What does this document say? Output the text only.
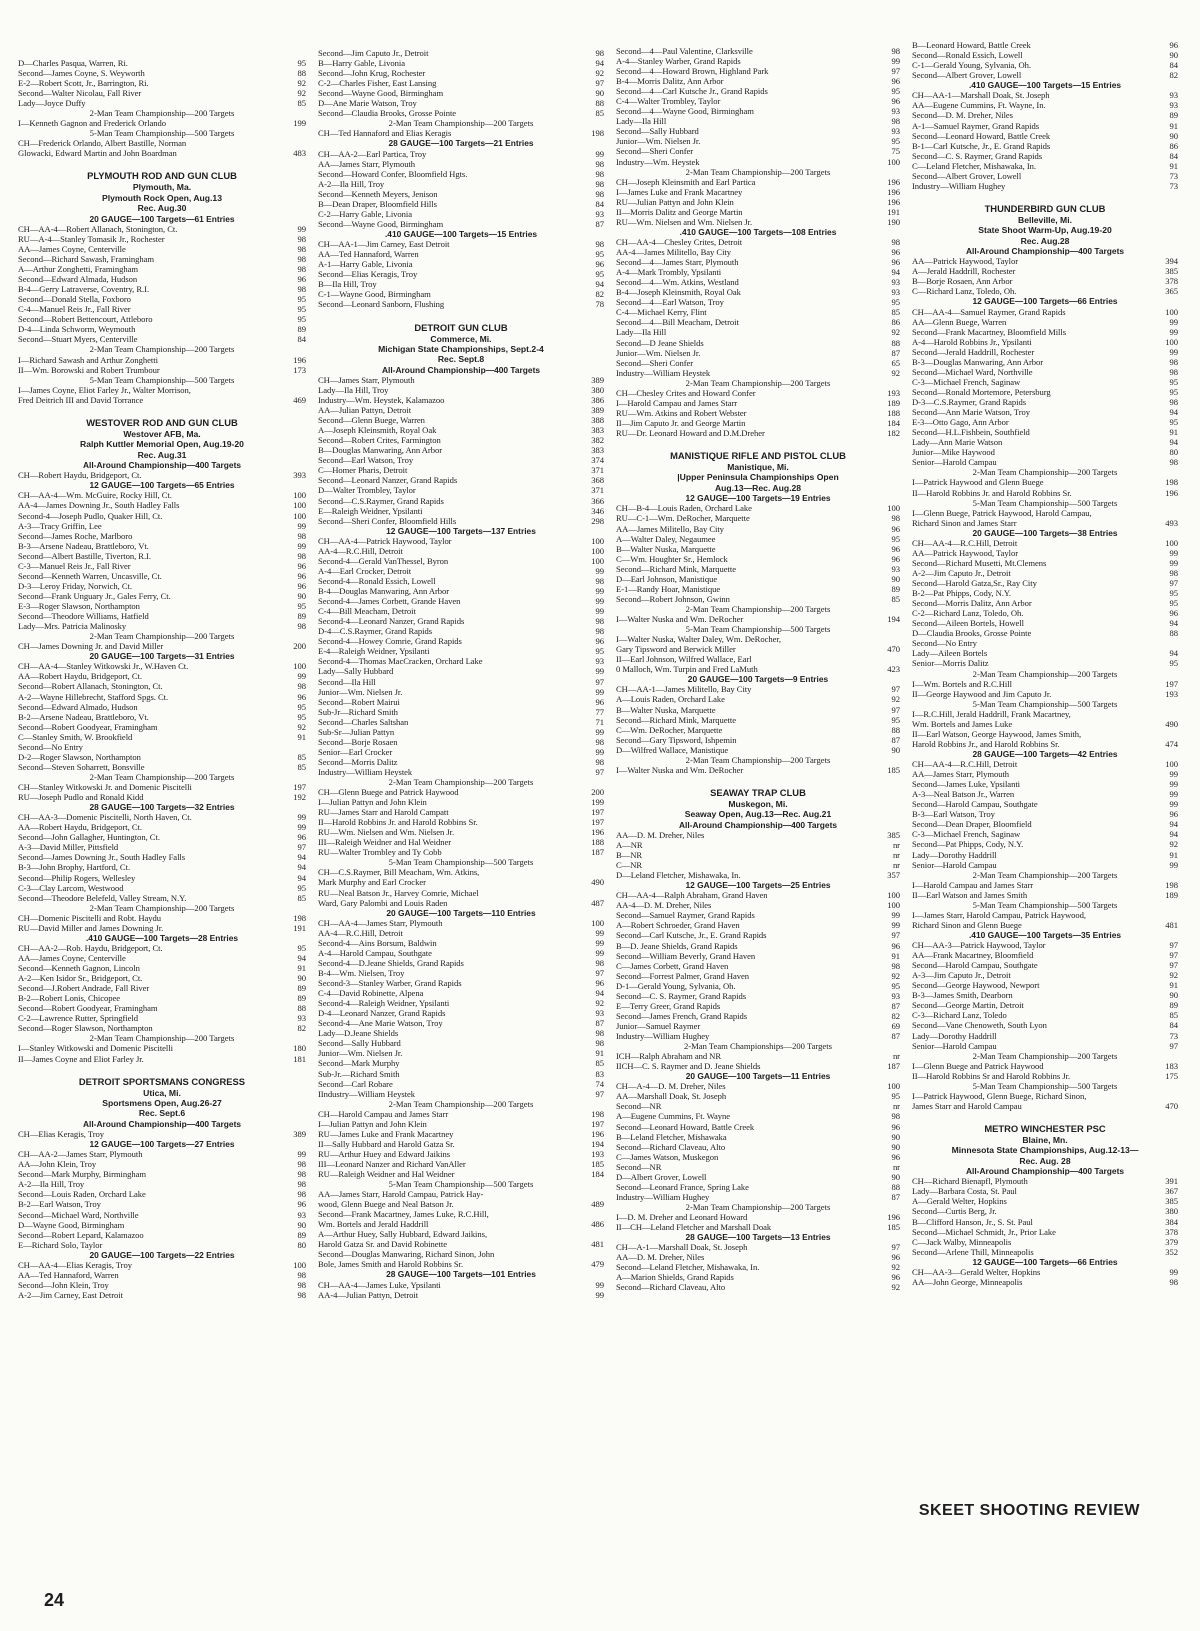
D—Charles Pasqua, Warren, Ri.	95
Second—James Coyne, S. Weyworth	88
E-2—Robert Scott, Jr., Barrington, Ri.	92
Second—Walter Nicolau, Fall River	92
Lady—Joyce Duffy	85
2-Man Team Championship—200 Targets
I—Kenneth Gagnon and Frederick Orlando	199
5-Man Team Championship—500 Targets
CH—Frederick Orlando, Albert Bastille, Norman
Glowacki, Edward Martin and John Boardman	483
PLYMOUTH ROD AND GUN CLUB
Plymouth, Ma.
Plymouth Rock Open, Aug.13
Rec. Aug.30
20 GAUGE—100 Targets—61 Entries
CH—AA-4—Robert Allanach, Stonington, Ct.	99
RU—A-4—Stanley Tomasik Jr., Rochester	98
AA—James Coyne, Centerville	98
Second—Richard Sawash, Framingham	98
A—Arthur Zonghetti, Framingham	98
Second—Edward Almada, Hudson	96
B-4—Gerry Latraverse, Coventry, R.I.	98
Second—Donald Stella, Foxboro	95
C-4—Manuel Reis Jr., Fall River	95
Second—Robert Bettencourt, Attleboro	95
D-4—Linda Schworm, Weymouth	89
Second—Stuart Myers, Centerville	84
2-Man Team Championship—200 Targets
I—Richard Sawash and Arthur Zonghetti	196
II—Wm. Borowski and Robert Trumbour	173
5-Man Team Championship—500 Targets
I—James Coyne, Eliot Farley Jr., Walter Morrison,
Fred Deitrich III and David Torrance	469
WESTOVER ROD AND GUN CLUB
Westover AFB, Ma.
Ralph Kuttler Memorial Open, Aug.19-20
Rec. Aug.31
All-Around Championship—400 Targets
CH—Robert Haydu, Bridgeport, Ct.	393
12 GAUGE—100 Targets—65 Entries
CH—AA-4—Wm. McGuire, Rocky Hill, Ct.	100
AA-4—James Downing Jr., South Hadley Falls	100
Second-4—Joseph Pudlo, Quaker Hill, Ct.	100
A-3—Tracy Griffin, Lee	99
Second—James Roche, Marlboro	98
B-3—Arsene Nadeau, Brattleboro, Vt.	99
Second—Albert Bastille, Tiverton, R.I.	98
C-3—Manuel Reis Jr., Fall River	96
Second—Kenneth Warren, Uncasville, Ct.	96
D-3—Leroy Friday, Norwich, Ct.	96
Second—Frank Unguary Jr., Gales Ferry, Ct.	90
E-3—Roger Slawson, Northampton	95
Second—Theodore Williams, Hatfield	89
Lady—Mrs. Patricia Malinosky	98
2-Man Team Championship—200 Targets
CH—James Downing Jr. and David Miller	200
20 GAUGE—100 Targets—31 Entries
CH—AA-4—Stanley Witkowski Jr., W.Haven Ct.	100
AA—Robert Haydu, Bridgeport, Ct.	99
Second—Robert Allanach, Stonington, Ct.	98
A-2—Wayne Hillebrecht, Stafford Spgs. Ct.	96
Second—Edward Almado, Hudson	95
B-2—Arsene Nadeau, Brattleboro, Vt.	95
Second—Robert Goodyear, Framingham	92
C—Stanley Smith, W. Brookfield	91
Second—No Entry
D-2—Roger Slawson, Northampton	85
Second—Steven Soharrett, Bonsville	85
2-Man Team Championship—200 Targets
CH—Stanley Witkowski Jr. and Domenic Piscitelli	197
RU—Joseph Pudlo and Ronald Kidd	192
28 GAUGE—100 Targets—32 Entries
CH—AA-3—Domenic Piscitelli, North Haven, Ct.	99
AA—Robert Haydu, Bridgeport, Ct.	99
Second—John Gallagher, Huntington, Ct.	96
A-3—David Miller, Pittsfield	97
Second—James Downing Jr., South Hadley Falls	94
B-3—John Brophy, Hartford, Ct.	94
Second—Philip Rogers, Wellesley	94
C-3—Clay Larcom, Westwood	95
Second—Theodore Belefeld, Valley Stream, N.Y.	85
2-Man Team Championship—200 Targets
CH—Domenic Piscitelli and Robt. Haydu	198
RU—David Miller and James Downing Jr.	191
.410 GAUGE—100 Targets—28 Entries
CH—AA-2—Rob. Haydu, Bridgeport, Ct.	95
AA—James Coyne, Centerville	94
Second—Kenneth Gagnon, Lincoln	91
A-2—Ken Isidor Sr., Bridgeport, Ct.	90
Second—J.Robert Andrade, Fall River	89
B-2—Robert Lonis, Chicopee	89
Second—Robert Goodyear, Framingham	88
C-2—Lawrence Rutter, Springfield	93
Second—Roger Slawson, Northampton	82
2-Man Team Championship—200 Targets
I—Stanley Witkowski and Domenic Piscitelli	180
II—James Coyne and Eliot Farley Jr.	181
DETROIT SPORTSMANS CONGRESS
Utica, Mi.
Sportsmens Open, Aug.26-27
Rec. Sept.6
All-Around Championship—400 Targets
CH—Elias Keragis, Troy	389
12 GAUGE—100 Targets—27 Entries
CH—AA-2—James Starr, Plymouth	99
AA—John Klein, Troy	98
Second—Mark Murphy, Birmingham	98
A-2—Ila Hill, Troy	98
Second—Louis Raden, Orchard Lake	98
B-2—Earl Watson, Troy	96
Second—Michael Ward, Northville	93
D—Wayne Good, Birmingham	90
Second—Robert Lepard, Kalamazoo	89
E—Richard Solo, Taylor	80
20 GAUGE—100 Targets—22 Entries
CH—AA-4—Elias Keragis, Troy	100
AA—Ted Hannaford, Warren	98
Second—John Klein, Troy	98
A-2—Jim Carney, East Detroit	98
Second—Jim Caputo Jr., Detroit	98
B—Harry Gable, Livonia	94
Second—John Krug, Rochester	92
C-2—Charles Fisher, East Lansing	97
Second—Wayne Good, Birmingham	90
D—Ane Marie Watson, Troy	88
Second—Claudia Brooks, Grosse Pointe	85
2-Man Team Championship—200 Targets
CH—Ted Hannaford and Elias Keragis	198
28 GAUGE—100 Targets—21 Entries
CH—AA-2—Earl Partica, Troy	99
AA—James Starr, Plymouth	98
Second—Howard Confer, Bloomfield Hgts.	98
A-2—Ila Hill, Troy	98
Second—Kenneth Meyers, Jenison	98
B—Dean Draper, Bloomfield Hills	84
C-2—Harry Gable, Livonia	93
Second—Wayne Good, Birmingham	87
.410 GAUGE—100 Targets—15 Entries
CH—AA-1—Jim Carney, East Detroit	98
AA—Ted Hannaford, Warren	95
A-1—Harry Gable, Livonia	96
Second—Elias Keragis, Troy	95
B—Ila Hill, Troy	94
C-1—Wayne Good, Birmingham	82
Second—Leonard Sanborn, Flushing	78
DETROIT GUN CLUB
Commerce, Mi.
Michigan State Championships, Sept.2-4
Rec. Sept.8
All-Around Championship—400 Targets
CH—James Starr, Plymouth	389
Lady—Ila Hill, Troy	380
Industry—Wm. Heystek, Kalamazoo	386
AA—Julian Pattyn, Detroit	389
Second—Glenn Buege, Warren	388
A—Joseph Kleinsmith, Royal Oak	383
Second—Robert Crites, Farmington	382
B—Douglas Manwaring, Ann Arbor	383
Second—Earl Watson, Troy	374
C—Homer Pharis, Detroit	371
Second—Leonard Nanzer, Grand Rapids	368
D—Walter Trombley, Taylor	371
Second—C.S.Raymer, Grand Rapids	366
E—Raleigh Weidner, Ypsilanti	346
Second—Sheri Confer, Bloomfield Hills	298
12 GAUGE—100 Targets—137 Entries
CH—AA-4—Patrick Haywood, Taylor	100
AA-4—R.C.Hill, Detroit	100
Second-4—Gerald VanThessel, Byron	100
A-4—Earl Crocker, Detroit	99
Second-4—Ronald Essich, Lowell	98
B-4—Douglas Manwaring, Ann Arbor	99
Second-4—James Corbett, Grande Haven	99
C-4—Bill Meacham, Detroit	99
Second-4—Leonard Nanzer, Grand Rapids	98
D-4—C.S.Raymer, Grand Rapids	98
Second-4—Howey Comrie, Grand Rapids	96
E-4—Raleigh Weidner, Ypsilanti	95
Second-4—Thomas MacCracken, Orchard Lake	93
Lady—Sally Hubbard	99
Second—Ila Hill	97
Junior—Wm. Nielsen Jr.	99
Second—Robert Mairui	96
Sub-Jr—Richard Smith	77
Second—Charles Saltshan	71
Sub-Sr—Julian Pattyn	99
Second—Borje Rosaen	98
Senior—Earl Crocker	99
Second—Morris Dalitz	98
Industry—William Heystek	97
2-Man Team Championship—200 Targets
CH—Glenn Buege and Patrick Haywood	200
I—Julian Pattyn and John Klein	199
RU—James Starr and Harold Campatt	197
II—Harold Robbins Jr. and Harold Robbins Sr.	197
RU—Wm. Nielsen and Wm. Nielsen Jr.	196
III—Raleigh Weidner and Hal Weidner	188
RU—Walter Trombley and Ty Cobb	187
5-Man Team Championship—500 Targets
CH—C.S.Raymer, Bill Meacham, Wm. Atkins,
Mark Murphy and Earl Crocker	490
RU—Neal Batson Jr., Harvey Comrie, Michael
Ward, Gary Palombi and Louis Raden	487
20 GAUGE—100 Targets—110 Entries
CH—AA-4—James Starr, Plymouth	100
AA-4—R.C.Hill, Detroit	99
Second-4—Ains Borsum, Baldwin	99
A-4—Harold Campau, Southgate	99
Second-4—D.Jeane Shields, Grand Rapids	98
B-4—Wm. Nielsen, Troy	97
Second-3—Stanley Warber, Grand Rapids	96
C-4—David Robinette, Alpena	94
Second-4—Raleigh Weidner, Ypsilanti	92
D-4—Leonard Nanzer, Grand Rapids	93
Second-4—Ane Marie Watson, Troy	87
Lady—D.Jeane Shields	98
Second—Sally Hubbard	98
Junior—Wm. Nielsen Jr.	91
Second—Mark Murphy	85
Sub-Jr.—Richard Smith	83
Second—Carl Robare	74
IIndustry—William Heystek	97
2-Man Team Championship—200 Targets
CH—Harold Campau and James Starr	198
I—Julian Pattyn and John Klein	197
RU—James Luke and Frank Macartney	196
II—Sally Hubbard and Harold Gatza Sr.	194
RU—Arthur Huey and Edward Jaikins	193
III—Leonard Nanzer and Richard VanAller	185
RU—Raleigh Weidner and Hal Weidner	184
5-Man Team Championship—500 Targets
AA—James Starr, Harold Campau, Patrick Hay-
wood, Glenn Buege and Neal Batson Jr.	489
Second—Frank Macartney, James Luke, R.C.Hill,
Wm. Bortels and Jerald Haddrill	486
A—Arthur Huey, Sally Hubbard, Edward Jaikins,
Harold Gatza Sr. and David Robinette	481
Second—Douglas Manwaring, Richard Sinon, John
Bole, James Smith and Harold Robbins Sr.	479
28 GAUGE—100 Targets—101 Entries
CH—AA-4—James Luke, Ypsilanti	99
AA-4—Julian Pattyn, Detroit	99
Second—4—Paul Valentine, Clarksville	98
A-4—Stanley Warber, Grand Rapids	99
Second—4—Howard Brown, Highland Park	97
B-4—Morris Dalitz, Ann Arbor	96
Second—4—Carl Kutsche Jr., Grand Rapids	95
C-4—Walter Trombley, Taylor	96
Second—4—Wayne Good, Birmingham	93
Lady—Ila Hill	98
Second—Sally Hubbard	93
Junior—Wm. Nielsen Jr.	95
Second—Sheri Confer	75
Industry—Wm. Heystek	100
2-Man Team Championship—200 Targets
CH—Joseph Kleinsmith and Earl Partica	196
I—James Luke and Frank Macartney	196
RU—Julian Pattyn and John Klein	196
II—Morris Dalitz and George Martin	191
RU—Wm. Nielsen and Wm. Nielsen Jr.	190
.410 GAUGE—100 Targets—108 Entries
CH—AA-4—Chesley Crites, Detroit	98
AA-4—James Militello, Bay City	96
Second—4—James Starr, Plymouth	96
A-4—Mark Trombly, Ypsilanti	94
Second—4—Wm. Atkins, Westland	93
B-4—Joseph Kleinsmith, Royal Oak	93
Second—4—Earl Watson, Troy	95
C-4—Michael Kerry, Flint	85
Second—4—Bill Meacham, Detroit	86
Lady—Ila Hill	92
Second—D Jeane Shields	88
Junior—Wm. Nielsen Jr.	87
Second—Sheri Confer	65
Industry—William Heystek	92
2-Man Team Championship—200 Targets
CH—Chesley Crites and Howard Confer	193
I—Harold Campau and James Starr	189
RU—Wm. Atkins and Robert Webster	188
II—Jim Caputo Jr. and George Martin	184
RU—Dr. Leonard Howard and D.M.Dreher	182
MANISTIQUE RIFLE AND PISTOL CLUB
Manistique, Mi.
|Upper Peninsula Championships Open
Aug.13—Rec. Aug.28
12 GAUGE—100 Targets—19 Entries
CH—B-4—Louis Raden, Orchard Lake	100
RU—C-1—Wm. DeRocher, Marquette	98
AA—James Militello, Bay City	96
A—Walter Daley, Negaumee	95
B—Walter Nuska, Marquette	96
C—Wm. Houghter Sr., Hemlock	96
Second—Richard Mink, Marquette	93
D—Earl Johnson, Manistique	90
E-1—Randy Hoar, Manistique	89
Second—Robert Johnson, Gwinn	85
2-Man Team Championship—200 Targets
I—Walter Nuska and Wm. DeRocher	194
5-Man Team Championship—500 Targets
I—Walter Nuska, Walter Daley, Wm. DeRocher,
Gary Tipsword and Berwick Miller	470
II—Earl Johnson, Wilfred Wallace, Earl
0 Malloch, Wm. Turpin and Fred LaMuth	423
20 GAUGE—100 Targets—9 Entries
CH—AA-1—James Militello, Bay City	97
A—Louis Raden, Orchard Lake	92
B—Walter Nuska, Marquette	97
Second—Richard Mink, Marquette	95
C—Wm. DeRocher, Marquette	88
Second—Gary Tipsword, Ishpemin	87
D—Wilfred Wallace, Manistique	90
2-Man Team Championship—200 Targets
I—Walter Nuska and Wm. DeRocher	185
SEAWAY TRAP CLUB
Muskegon, Mi.
Seaway Open, Aug.13—Rec. Aug.21
All-Around Championship—400 Targets
AA—D. M. Dreher, Niles	385
A—NR	nr
B—NR	nr
C—NR	nr
D—Leland Fletcher, Mishawaka, In.	357
12 GAUGE—100 Targets—25 Entries
CH—AA-4—Ralph Abraham, Grand Haven	100
AA-4—D. M. Dreher, Niles	100
Second—Samuel Raymer, Grand Rapids	99
A—Robert Schroeder, Grand Haven	99
Second—Carl Kutsche, Jr., E. Grand Rapids	97
B—D. Jeane Shields, Grand Rapids	96
Second—William Beverly, Grand Haven	91
C—James Corbett, Grand Haven	98
Second—Forrest Palmer, Grand Haven	92
D-1—Gerald Young, Sylvania, Oh.	95
Second—C. S. Raymer, Grand Rapids	93
E—Terry Greer, Grand Rapids	87
Second—James French, Grand Rapids	82
Junior—Samuel Raymer	69
Industry—William Hughey	87
2-Man Team Championships—200 Targets
ICH—Ralph Abraham and NR	nr
IICH—C. S. Raymer and D. Jeane Shields	187
20 GAUGE—100 Targets—11 Entries
CH—A-4—D. M. Dreher, Niles	100
AA—Marshall Doak, St. Joseph	95
Second—NR	nr
A—Eugene Cummins, Ft. Wayne	98
Second—Leonard Howard, Battle Creek	96
B—Leland Fletcher, Mishawaka	90
Second—Richard Claveau, Alto	90
C—James Watson, Muskegon	96
Second—NR	nr
D—Albert Grover, Lowell	90
Second—Leonard France, Spring Lake	88
Industry—William Hughey	87
2-Man Team Championship—200 Targets
I—D. M. Dreher and Leonard Howard	196
II—CH—Leland Fletcher and Marshall Doak	185
28 GAUGE—100 Targets—13 Entries
CH—A-1—Marshall Doak, St. Joseph	97
AA—D. M. Dreher, Niles	96
Second—Leland Fletcher, Mishawaka, In.	92
A—Marion Shields, Grand Rapids	96
Second—Richard Claveau, Alto	92
B—Leonard Howard, Battle Creek	96
Second—Ronald Essich, Lowell	90
C-1—Gerald Young, Sylvania, Oh.	84
Second—Albert Grover, Lowell	82
.410 GAUGE—100 Targets—15 Entries
CH—AA-1—Marshall Doak, St. Joseph	93
AA—Eugene Cummins, Ft. Wayne, In.	93
Second—D. M. Dreher, Niles	89
A-1—Samuel Raymer, Grand Rapids	91
Second—Leonard Howard, Battle Creek	90
B-1—Carl Kutsche, Jr., E. Grand Rapids	86
Second—C. S. Raymer, Grand Rapids	84
C—Leland Fletcher, Mishawaka, In.	91
Second—Albert Grover, Lowell	73
Industry—William Hughey	73
THUNDERBIRD GUN CLUB
Belleville, Mi.
State Shoot Warm-Up, Aug.19-20
Rec. Aug.28
All-Around Championship—400 Targets
AA—Patrick Haywood, Taylor	394
A—Jerald Haddrill, Rochester	385
B—Borje Rosaen, Ann Arbor	378
C—Richard Lanz, Toledo, Oh.	365
12 GAUGE—100 Targets—66 Entries
CH—AA-4—Samuel Raymer, Grand Rapids	100
AA—Glenn Buege, Warren	99
Second—Frank Macartney, Bloomfield Mills	99
A-4—Harold Robbins Jr., Ypsilanti	100
Second—Jerald Haddrill, Rochester	99
B-3—Douglas Manwaring, Ann Arbor	98
Second—Michael Ward, Northville	98
C-3—Michael French, Saginaw	95
Second—Ronald Mortemore, Petersburg	95
D-3—C.S.Raymer, Grand Rapids	98
Second—Ann Marie Watson, Troy	94
E-3—Otto Gago, Ann Arbor	95
Second—H.L.Fishbein, Southfield	91
Lady—Ann Marie Watson	94
Junior—Mike Haywood	80
Senior—Harold Campau	98
2-Man Team Championship—200 Targets
I—Patrick Haywood and Glenn Buege	198
II—Harold Robbins Jr. and Harold Robbins Sr.	196
5-Man Team Championship—500 Targets
I—Glenn Buege, Patrick Haywood, Harold Campau,
Richard Sinon and James Starr	493
20 GAUGE—100 Targets—38 Entries
CH—AA-4—R.C.Hill, Detroit	100
AA—Patrick Haywood, Taylor	99
Second—Richard Musetti, Mt.Clemens	99
A-2—Jim Caputo Jr., Detroit	98
Second—Harold Gatza,Sr., Ray City	97
B-2—Pat Phipps, Cody, N.Y.	95
Second—Morris Dalitz, Ann Arbor	95
C-2—Richard Lanz, Toledo, Oh.	96
Second—Aileen Bortels, Howell	94
D—Claudia Brooks, Grosse Pointe	88
Second—No Entry
Lady—Aileen Bortels	94
Senior—Morris Dalitz	95
2-Man Team Championship—200 Targets
I—Wm. Bortels and R.C.Hill	197
II—George Haywood and Jim Caputo Jr.	193
5-Man Team Championship—500 Targets
I—R.C.Hill, Jerald Haddrill, Frank Macartney,
Wm. Bortels and James Luke	490
II—Earl Watson, George Haywood, James Smith,
Harold Robbins Jr., and Harold Robbins Sr.	474
28 GAUGE—100 Targets—42 Entries
CH—AA-4—R.C.Hill, Detroit	100
AA—James Starr, Plymouth	99
Second—James Luke, Ypsilanti	99
A-3—Neal Batson Jr., Warren	99
Second—Harold Campau, Southgate	99
B-3—Earl Watson, Troy	96
Second—Dean Draper, Bloomfield	94
C-3—Michael French, Saginaw	94
Second—Pat Phipps, Cody, N.Y.	92
Lady—Dorothy Haddrill	91
Senior—Harold Campau	99
2-Man Team Championship—200 Targets
I—Harold Campau and James Starr	198
II—Earl Watson and James Smith	189
5-Man Team Championship—500 Targets
I—James Starr, Harold Campau, Patrick Haywood,
Richard Sinon and Glenn Buege	481
.410 GAUGE—100 Targets—35 Entries
CH—AA-3—Patrick Haywood, Taylor	97
AA—Frank Macartney, Bloomfield	97
Second—Harold Campau, Southgate	97
A-3—Jim Caputo Jr., Detroit	92
Second—George Haywood, Newport	91
B-3—James Smith, Dearborn	90
Second—George Martin, Detroit	89
C-3—Richard Lanz, Toledo	85
Second—Vane Chenoweth, South Lyon	84
Lady—Dorothy Haddrill	73
Senior—Harold Campau	97
2-Man Team Championship—200 Targets
I—Glenn Buege and Patrick Haywood	183
II—Harold Robbins Sr and Harold Robbins Jr.	175
5-Man Team Championship—500 Targets
I—Patrick Haywood, Glenn Buege, Richard Sinon,
James Starr and Harold Campau	470
METRO WINCHESTER PSC
Blaine, Mn.
Minnesota State Championships, Aug.12-13—
Rec. Aug. 28
All-Around Championship—400 Targets
CH—Richard Bienapfl, Plymouth	391
Lady—Barbara Costa, St. Paul	367
A—Gerald Welter, Hopkins	385
Second—Curtis Berg, Jr.	380
B—Clifford Hanson, Jr., S. St. Paul	384
Second—Michael Schmidt, Jr., Prior Lake	378
C—Jack Walby, Minneapolis	379
Second—Arlene Thill, Minneapolis	352
12 GAUGE—100 Targets—66 Entries
CH—AA-3—Gerald Welter, Hopkins	99
AA—John George, Minneapolis	98
24
SKEET SHOOTING REVIEW
